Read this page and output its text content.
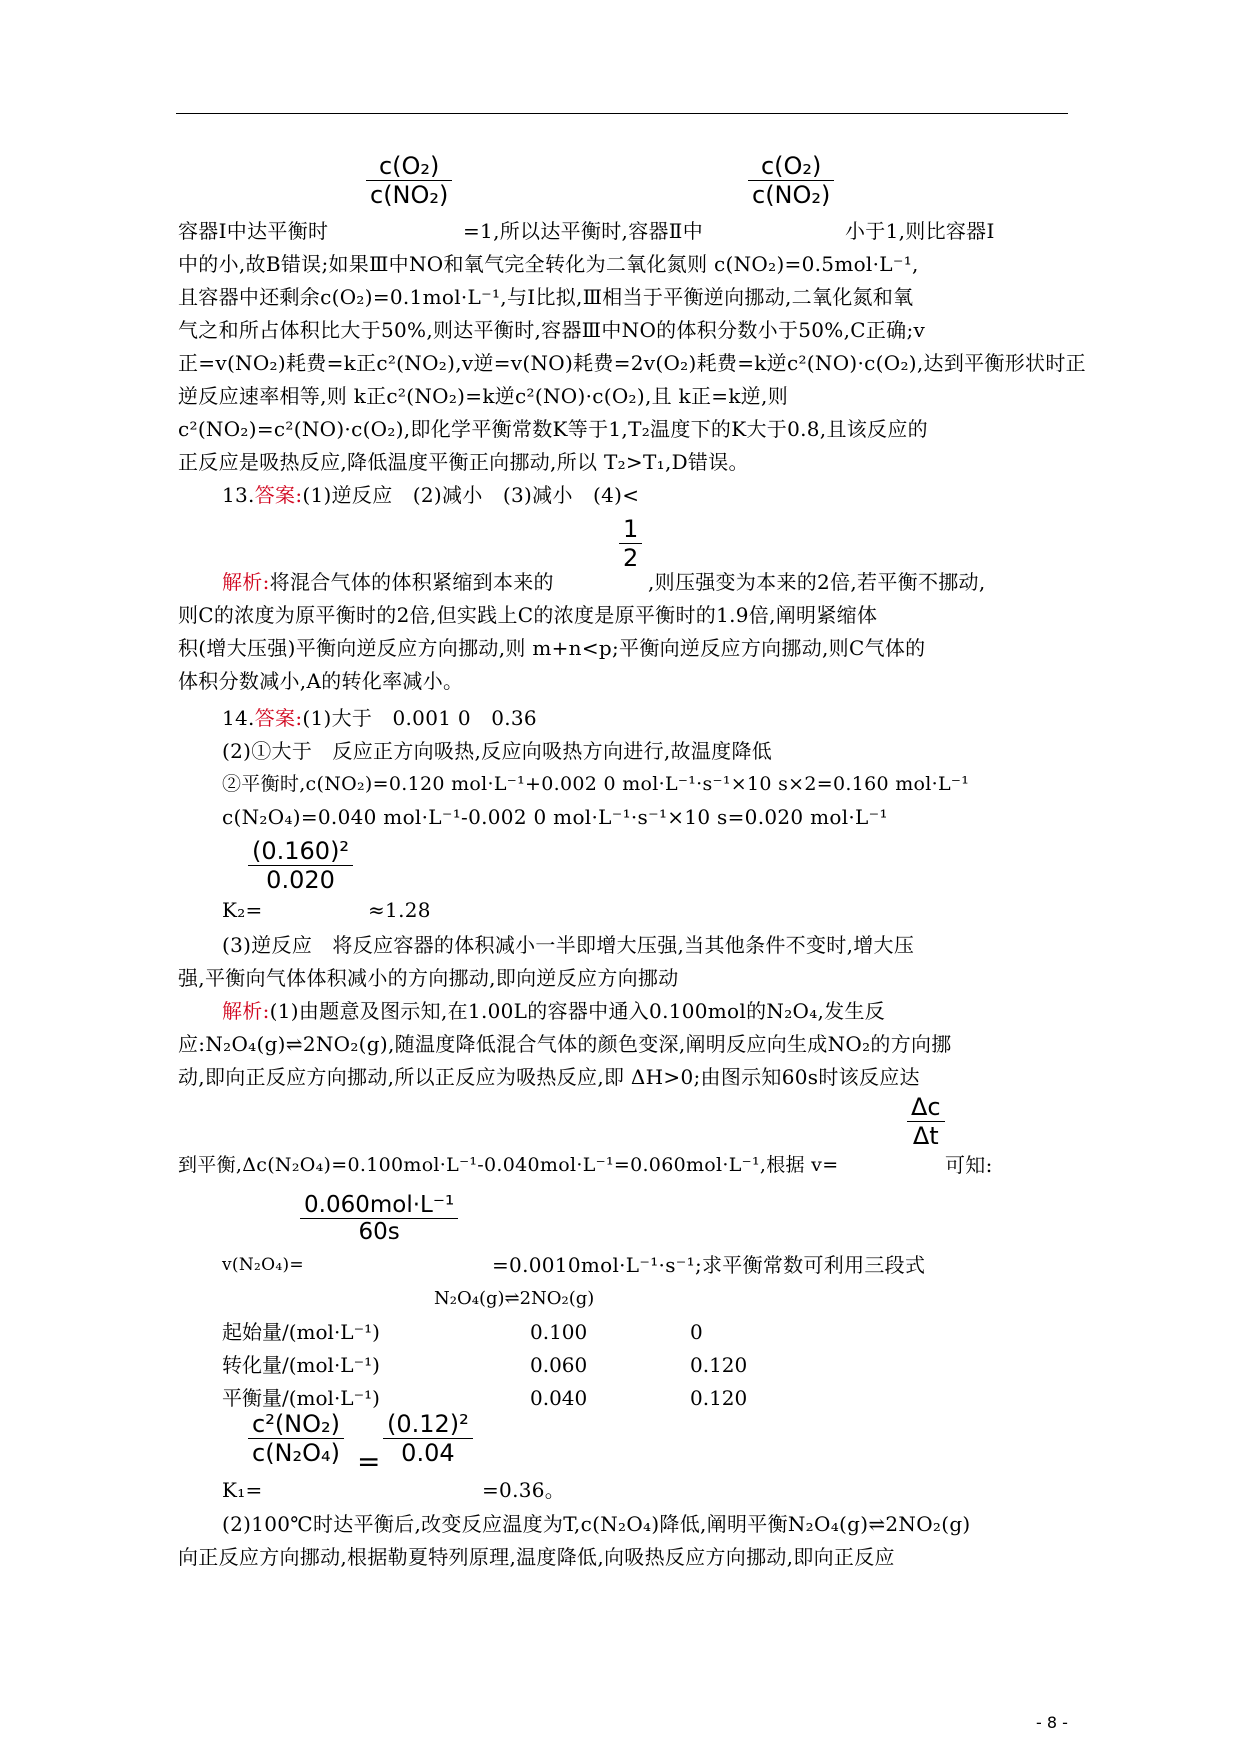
c(O₂)
c(NO₂)
c(O₂)
c(NO₂)
容器Ⅰ中达平衡时	=1,所以达平衡时,容器Ⅱ中	小于1,则比容器Ⅰ
中的小,故B错误;如果Ⅲ中NO和氧气完全转化为二氧化氮则 c(NO₂)=0.5mol·L⁻¹,
且容器中还剩余c(O₂)=0.1mol·L⁻¹,与Ⅰ比拟,Ⅲ相当于平衡逆向挪动,二氧化氮和氧
气之和所占体积比大于50%,则达平衡时,容器Ⅲ中NO的体积分数小于50%,C正确;v
正=v(NO₂)耗费=k正c²(NO₂),v逆=v(NO)耗费=2v(O₂)耗费=k逆c²(NO)·c(O₂),达到平衡形状时正
逆反应速率相等,则 k正c²(NO₂)=k逆c²(NO)·c(O₂),且 k正=k逆,则
c²(NO₂)=c²(NO)·c(O₂),即化学平衡常数K等于1,T₂温度下的K大于0.8,且该反应的
正反应是吸热反应,降低温度平衡正向挪动,所以 T₂>T₁,D错误。
13.答案:(1)逆反应　(2)减小　(3)减小　(4)<
1
2
解析:将混合气体的体积紧缩到本来的	,则压强变为本来的2倍,若平衡不挪动,
则C的浓度为原平衡时的2倍,但实践上C的浓度是原平衡时的1.9倍,阐明紧缩体
积(增大压强)平衡向逆反应方向挪动,则 m+n<p;平衡向逆反应方向挪动,则C气体的
体积分数减小,A的转化率减小。
14.答案:(1)大于　0.001 0　0.36
(2)①大于　反应正方向吸热,反应向吸热方向进行,故温度降低
②平衡时,c(NO₂)=0.120 mol·L⁻¹+0.002 0 mol·L⁻¹·s⁻¹×10 s×2=0.160 mol·L⁻¹
c(N₂O₄)=0.040 mol·L⁻¹-0.002 0 mol·L⁻¹·s⁻¹×10 s=0.020 mol·L⁻¹
(0.160)²
0.020
K₂=	≈1.28
(3)逆反应　将反应容器的体积减小一半即增大压强,当其他条件不变时,增大压
强,平衡向气体体积减小的方向挪动,即向逆反应方向挪动
解析:(1)由题意及图示知,在1.00L的容器中通入0.100mol的N₂O₄,发生反
应:N₂O₄(g)⇌2NO₂(g),随温度降低混合气体的颜色变深,阐明反应向生成NO₂的方向挪
动,即向正反应方向挪动,所以正反应为吸热反应,即 ΔH>0;由图示知60s时该反应达
Δc
Δt
到平衡,Δc(N₂O₄)=0.100mol·L⁻¹-0.040mol·L⁻¹=0.060mol·L⁻¹,根据 v=	可知:
0.060mol·L⁻¹
60s
v(N₂O₄)=	=0.0010mol·L⁻¹·s⁻¹;求平衡常数可利用三段式
N₂O₄(g)⇌2NO₂(g)
起始量/(mol·L⁻¹)	0.100	0
转化量/(mol·L⁻¹)	0.060	0.120
平衡量/(mol·L⁻¹)	0.040	0.120
c²(NO₂)
c(N₂O₄) =
(0.12)²
0.04
K₁=	=0.36。
(2)100℃时达平衡后,改变反应温度为T,c(N₂O₄)降低,阐明平衡N₂O₄(g)⇌2NO₂(g)
向正反应方向挪动,根据勒夏特列原理,温度降低,向吸热反应方向挪动,即向正反应
- 8 -
